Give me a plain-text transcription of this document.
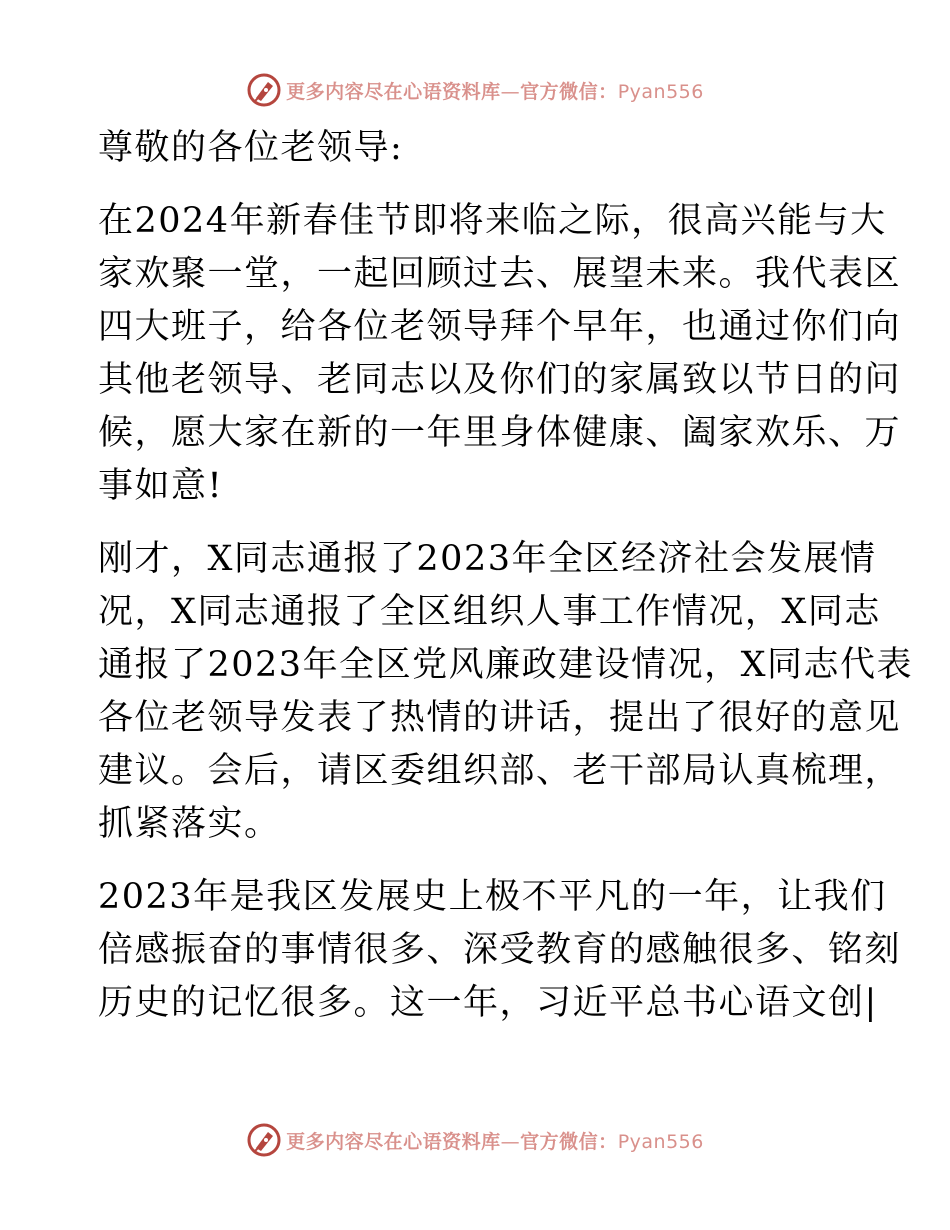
更多内容尽在心语资料库—官方微信：Pyan556
尊敬的各位老领导:
在2024年新春佳节即将来临之际，很高兴能与大
家欢聚一堂，一起回顾过去、展望未来。我代表区
四大班子，给各位老领导拜个早年，也通过你们向
其他老领导、老同志以及你们的家属致以节日的问
候，愿大家在新的一年里身体健康、阖家欢乐、万
事如意!
刚才，X同志通报了2023年全区经济社会发展情
况，X同志通报了全区组织人事工作情况，X同志
通报了2023年全区党风廉政建设情况，X同志代表
各位老领导发表了热情的讲话，提出了很好的意见
建议。会后，请区委组织部、老干部局认真梳理，
抓紧落实。
2023年是我区发展史上极不平凡的一年，让我们
倍感振奋的事情很多、深受教育的感触很多、铭刻
历史的记忆很多。这一年，习近平总书心语文创|
更多内容尽在心语资料库—官方微信：Pyan556
